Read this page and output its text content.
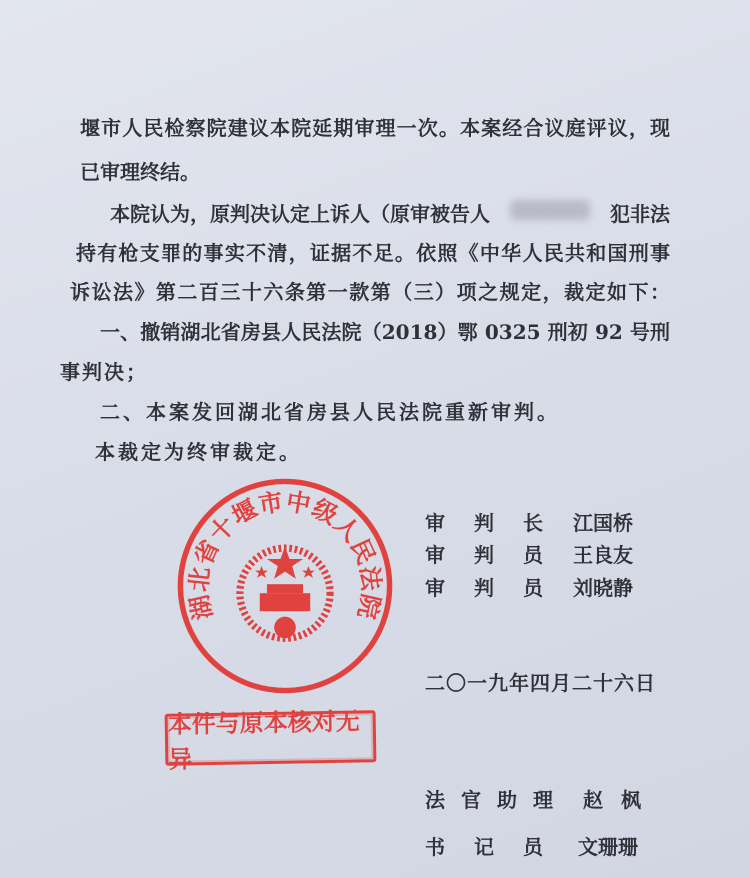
堰市人民检察院建议本院延期审理一次。本案经合议庭评议，现
已审理终结。
本院认为，原判决认定上诉人（原审被告人	犯非法
持有枪支罪的事实不清，证据不足。依照《中华人民共和国刑事
诉讼法》第二百三十六条第一款第（三）项之规定，裁定如下：
一、撤销湖北省房县人民法院（2018）鄂 0325 刑初 92 号刑
事判决；
二、本案发回湖北省房县人民法院重新审判。
本裁定为终审裁定。
审判长 江国桥
审判员 王良友
审判员 刘晓静
二〇一九年四月二十六日
法官助理 赵枫
书记员 文珊珊
湖北省十堰市中级人民法院
本件与原本核对无异
